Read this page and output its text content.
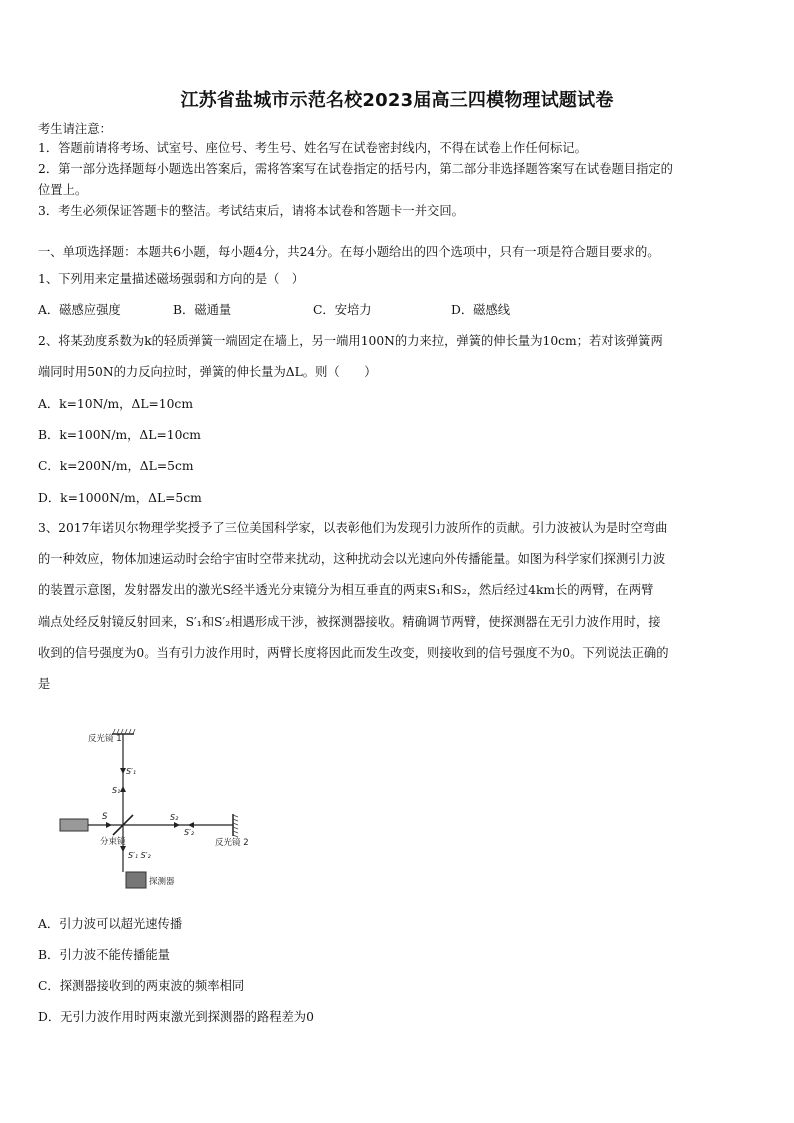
江苏省盐城市示范名校2023届高三四模物理试题试卷
考生请注意：
1．答题前请将考场、试室号、座位号、考生号、姓名写在试卷密封线内，不得在试卷上作任何标记。
2．第一部分选择题每小题选出答案后，需将答案写在试卷指定的括号内，第二部分非选择题答案写在试卷题目指定的
位置上。
3．考生必须保证答题卡的整洁。考试结束后，请将本试卷和答题卡一并交回。
一、单项选择题：本题共6小题，每小题4分，共24分。在每小题给出的四个选项中，只有一项是符合题目要求的。
1、下列用来定量描述磁场强弱和方向的是（　）
A．磁感应强度	B．磁通量	C．安培力	D．磁感线
2、将某劲度系数为k的轻质弹簧一端固定在墙上，另一端用100N的力来拉，弹簧的伸长量为10cm；若对该弹簧两
端同时用50N的力反向拉时，弹簧的伸长量为ΔL。则（　　）
A．k=10N/m，ΔL=10cm
B．k=100N/m，ΔL=10cm
C．k=200N/m，ΔL=5cm
D．k=1000N/m，ΔL=5cm
3、2017年诺贝尔物理学奖授予了三位美国科学家，以表彰他们为发现引力波所作的贡献。引力波被认为是时空弯曲
的一种效应，物体加速运动时会给宇宙时空带来扰动，这种扰动会以光速向外传播能量。如图为科学家们探测引力波
的装置示意图，发射器发出的激光S经半透光分束镜分为相互垂直的两束S₁和S₂，然后经过4km长的两臂，在两臂
端点处经反射镜反射回来，S′₁和S′₂相遇形成干涉，被探测器接收。精确调节两臂，使探测器在无引力波作用时，接
收到的信号强度为0。当有引力波作用时，两臂长度将因此而发生改变，则接收到的信号强度不为0。下列说法正确的
是
反光镜 1
S′₁
S₁
S	S₂
S′₂
分束镜	反光镜 2
S′₁ S′₂
探测器
A．引力波可以超光速传播
B．引力波不能传播能量
C．探测器接收到的两束波的频率相同
D．无引力波作用时两束激光到探测器的路程差为0
